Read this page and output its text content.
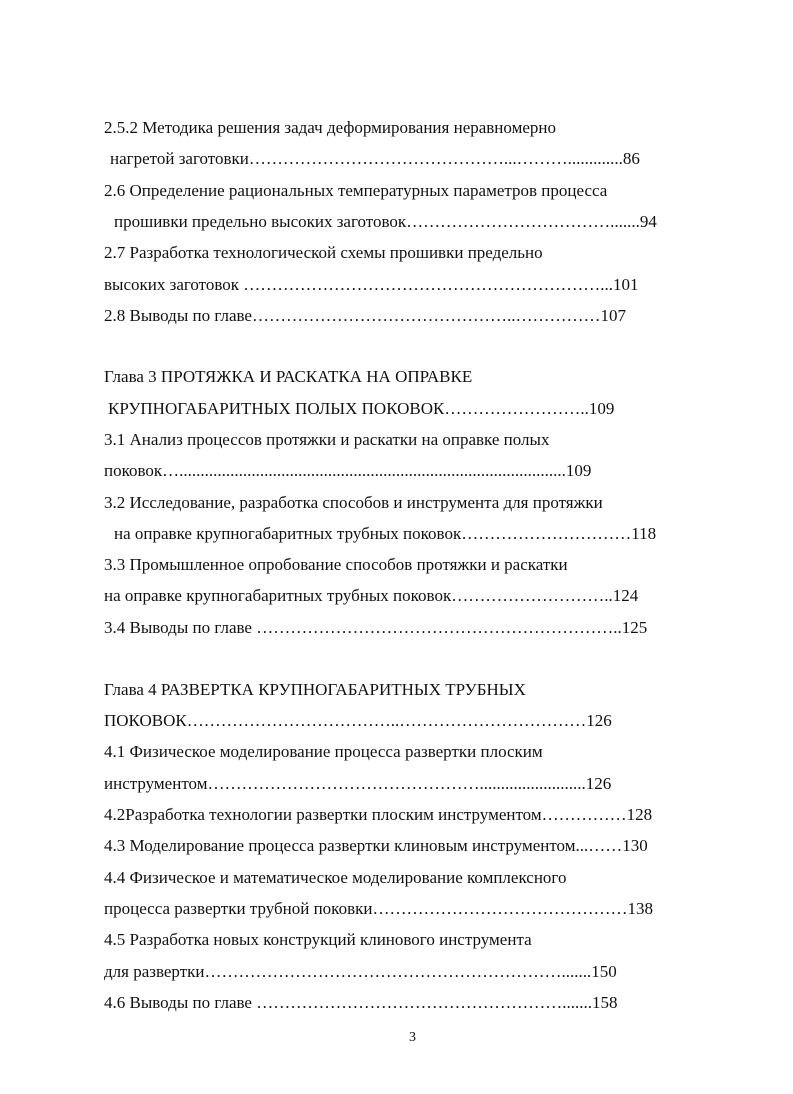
2.5.2 Методика решения задач деформирования неравномерно
нагретой заготовки………………………………………...……….............86
2.6 Определение рациональных температурных параметров процесса
прошивки предельно высоких заготовок……………………………….......94
2.7 Разработка технологической схемы прошивки предельно
высоких заготовок ………………………………………………………...101
2.8 Выводы по главе………………………………………..……………107
Глава 3 ПРОТЯЖКА И РАСКАТКА НА ОПРАВКЕ
КРУПНОГАБАРИТНЫХ ПОЛЫХ ПОКОВОК……………………..109
3.1 Анализ процессов протяжки и раскатки на оправке полых
поковок…...........................................................................................109
3.2 Исследование, разработка способов и инструмента для протяжки
на оправке крупногабаритных трубных поковок…………………………118
3.3 Промышленное опробование способов протяжки и раскатки
на оправке крупногабаритных трубных поковок………………………..124
3.4 Выводы по главе ………………………………………………………..125
Глава 4 РАЗВЕРТКА КРУПНОГАБАРИТНЫХ ТРУБНЫХ
ПОКОВОК………………………………..……………………………126
4.1 Физическое моделирование процесса развертки плоским
инструментом………………………………………….........................126
4.2Разработка технологии развертки плоским инструментом……………128
4.3 Моделирование процесса развертки клиновым инструментом...……130
4.4 Физическое и математическое моделирование комплексного
процесса развертки трубной поковки………………………………………138
4.5 Разработка новых конструкций клинового инструмента
для развертки……………………………………………………….......150
4.6 Выводы по главе ……………………………………………….......158
3
